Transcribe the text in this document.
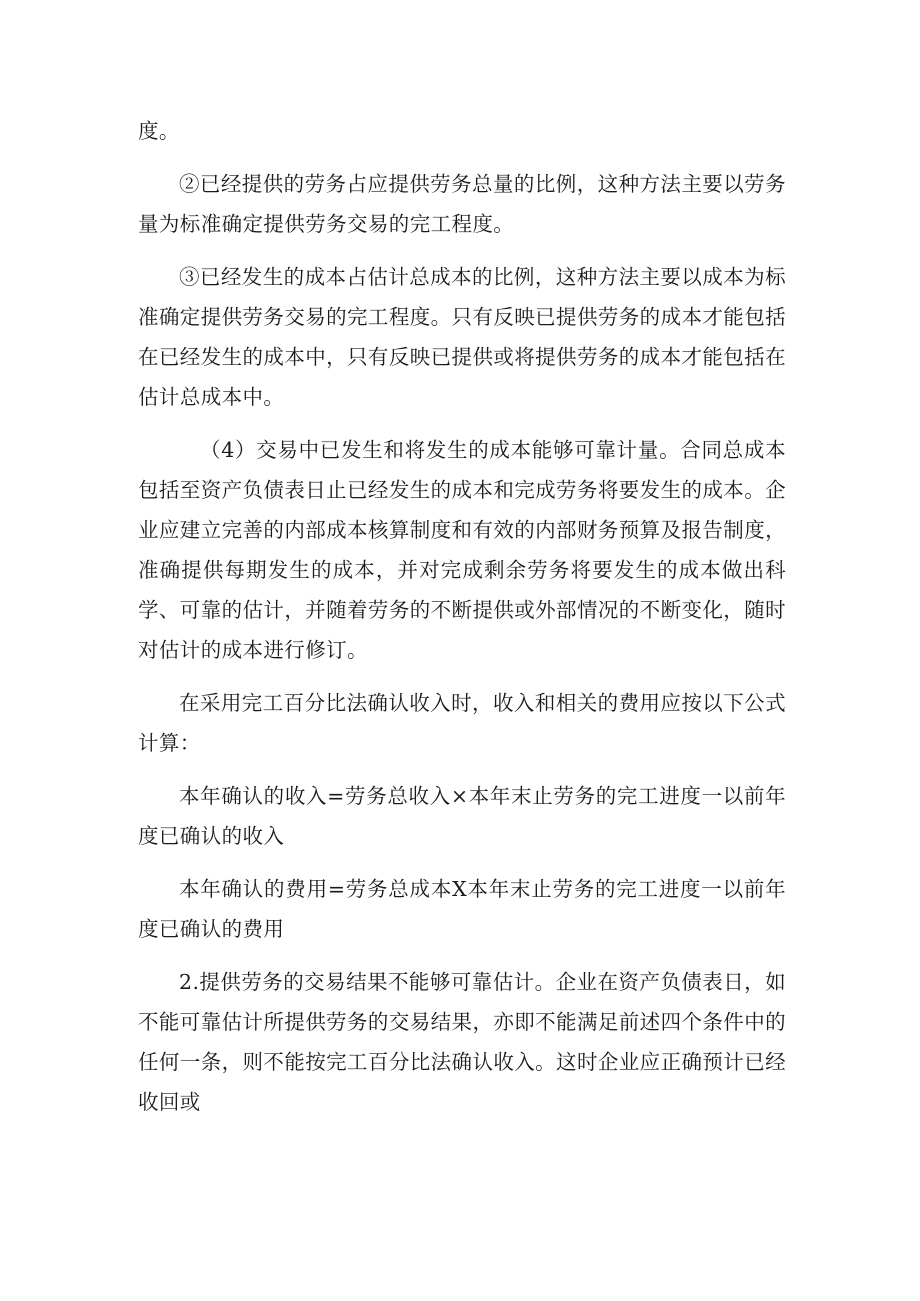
度。

②已经提供的劳务占应提供劳务总量的比例，这种方法主要以劳务量为标准确定提供劳务交易的完工程度。

③已经发生的成本占估计总成本的比例，这种方法主要以成本为标准确定提供劳务交易的完工程度。只有反映已提供劳务的成本才能包括在已经发生的成本中，只有反映已提供或将提供劳务的成本才能包括在估计总成本中。

（4）交易中已发生和将发生的成本能够可靠计量。合同总成本包括至资产负债表日止已经发生的成本和完成劳务将要发生的成本。企业应建立完善的内部成本核算制度和有效的内部财务预算及报告制度，准确提供每期发生的成本，并对完成剩余劳务将要发生的成本做出科学、可靠的估计，并随着劳务的不断提供或外部情况的不断变化，随时对估计的成本进行修订。

在采用完工百分比法确认收入时，收入和相关的费用应按以下公式计算：

本年确认的收入=劳务总收入×本年末止劳务的完工进度一以前年度已确认的收入

本年确认的费用=劳务总成本X本年末止劳务的完工进度一以前年度已确认的费用

2.提供劳务的交易结果不能够可靠估计。企业在资产负债表日，如不能可靠估计所提供劳务的交易结果，亦即不能满足前述四个条件中的任何一条，则不能按完工百分比法确认收入。这时企业应正确预计已经收回或
